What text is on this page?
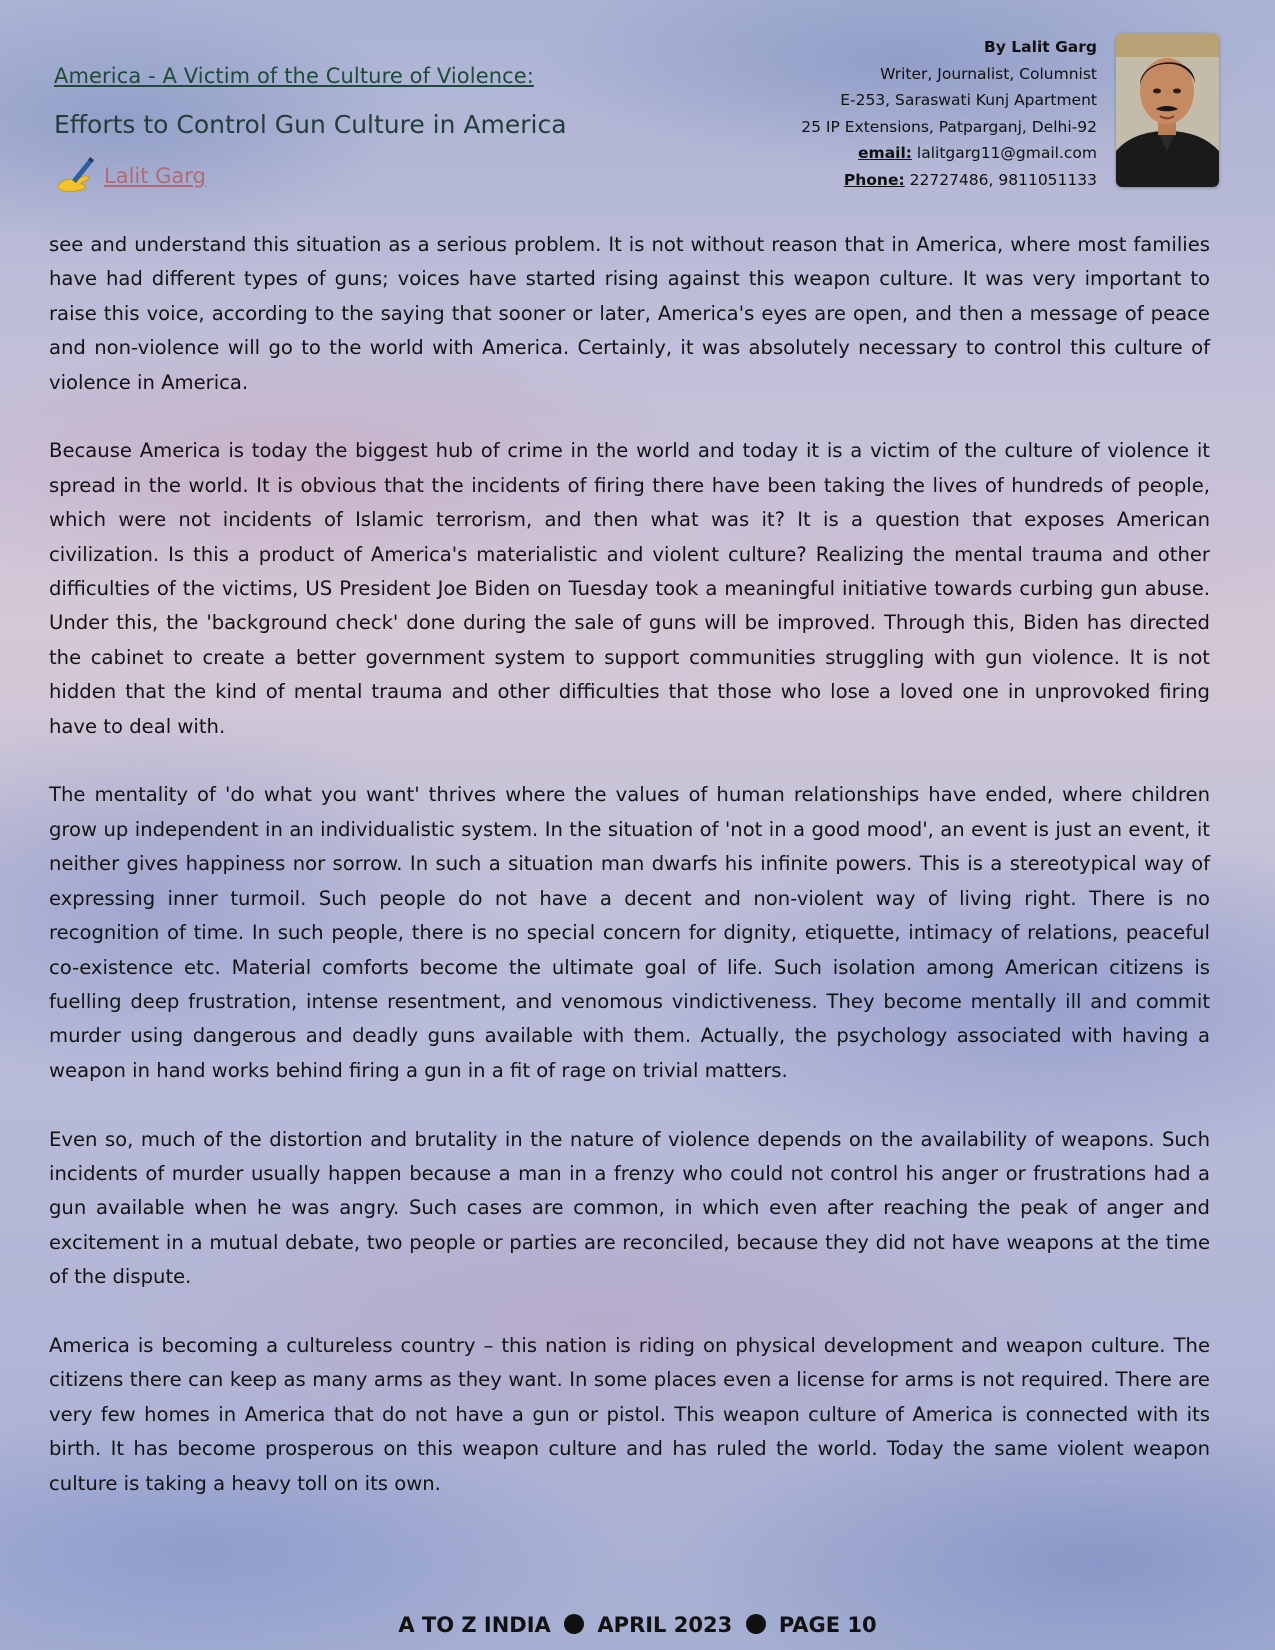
America - A Victim of the Culture of Violence:
Efforts to Control Gun Culture in America
Lalit Garg
By Lalit Garg
Writer, Journalist, Columnist
E-253, Saraswati Kunj Apartment
25 IP Extensions, Patparganj, Delhi-92
email: lalitgarg11@gmail.com
Phone: 22727486, 9811051133

see and understand this situation as a serious problem. It is not without reason that in America, where most families have had different types of guns; voices have started rising against this weapon culture. It was very important to raise this voice, according to the saying that sooner or later, America's eyes are open, and then a message of peace and non-violence will go to the world with America. Certainly, it was absolutely necessary to control this culture of violence in America.

Because America is today the biggest hub of crime in the world and today it is a victim of the culture of violence it spread in the world. It is obvious that the incidents of firing there have been taking the lives of hundreds of people, which were not incidents of Islamic terrorism, and then what was it? It is a question that exposes American civilization. Is this a product of America's materialistic and violent culture? Realizing the mental trauma and other difficulties of the victims, US President Joe Biden on Tuesday took a meaningful initiative towards curbing gun abuse. Under this, the 'background check' done during the sale of guns will be improved. Through this, Biden has directed the cabinet to create a better government system to support communities struggling with gun violence. It is not hidden that the kind of mental trauma and other difficulties that those who lose a loved one in unprovoked firing have to deal with.

The mentality of 'do what you want' thrives where the values of human relationships have ended, where children grow up independent in an individualistic system. In the situation of 'not in a good mood', an event is just an event, it neither gives happiness nor sorrow. In such a situation man dwarfs his infinite powers. This is a stereotypical way of expressing inner turmoil. Such people do not have a decent and non-violent way of living right. There is no recognition of time. In such people, there is no special concern for dignity, etiquette, intimacy of relations, peaceful co-existence etc. Material comforts become the ultimate goal of life. Such isolation among American citizens is fuelling deep frustration, intense resentment, and venomous vindictiveness. They become mentally ill and commit murder using dangerous and deadly guns available with them. Actually, the psychology associated with having a weapon in hand works behind firing a gun in a fit of rage on trivial matters.

Even so, much of the distortion and brutality in the nature of violence depends on the availability of weapons. Such incidents of murder usually happen because a man in a frenzy who could not control his anger or frustrations had a gun available when he was angry. Such cases are common, in which even after reaching the peak of anger and excitement in a mutual debate, two people or parties are reconciled, because they did not have weapons at the time of the dispute.

America is becoming a cultureless country – this nation is riding on physical development and weapon culture. The citizens there can keep as many arms as they want. In some places even a license for arms is not required. There are very few homes in America that do not have a gun or pistol. This weapon culture of America is connected with its birth. It has become prosperous on this weapon culture and has ruled the world. Today the same violent weapon culture is taking a heavy toll on its own.

A TO Z INDIA APRIL 2023 PAGE 10
